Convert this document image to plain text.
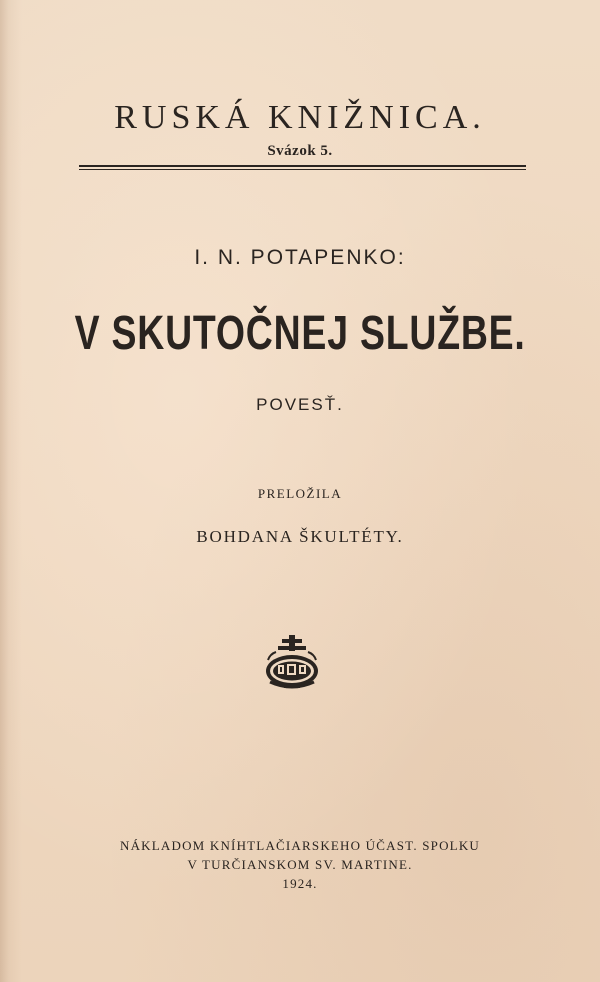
RUSKÁ KNIŽNICA.
Svázok 5.
I. N. POTAPENKO:
V SKUTOČNEJ SLUŽBE.
POVESŤ.
PRELOŽILA
BOHDANA ŠKULTÉTY.
NÁKLADOM KNÍHTLAČIARSKEHO ÚČAST. SPOLKU
V TURČIANSKOM SV. MARTINE.
1924.
